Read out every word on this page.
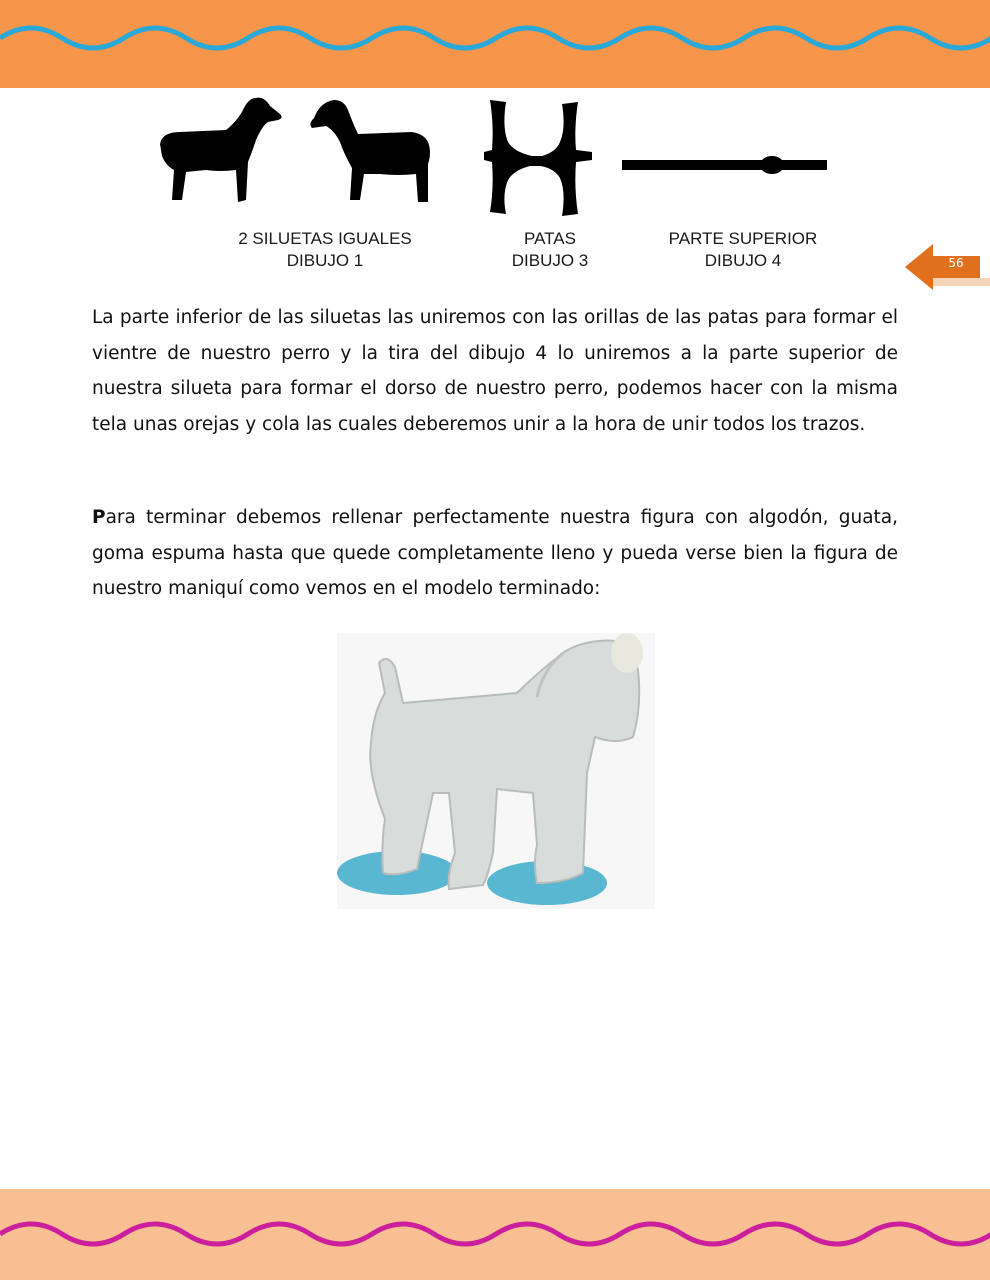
2 SILUETAS IGUALES
DIBUJO 1
PATAS
DIBUJO 3
PARTE SUPERIOR
DIBUJO 4	56

La parte inferior de las siluetas las uniremos con las orillas de las patas para formar el vientre de nuestro perro y la tira del dibujo 4 lo uniremos a la parte superior de nuestra silueta para formar el dorso de nuestro perro, podemos hacer con la misma tela unas orejas y cola las cuales deberemos unir a la hora de unir todos los trazos.

Para terminar debemos rellenar perfectamente nuestra figura con algodón, guata, goma espuma hasta que quede completamente lleno y pueda verse bien la figura de nuestro maniquí como vemos en el modelo terminado:
